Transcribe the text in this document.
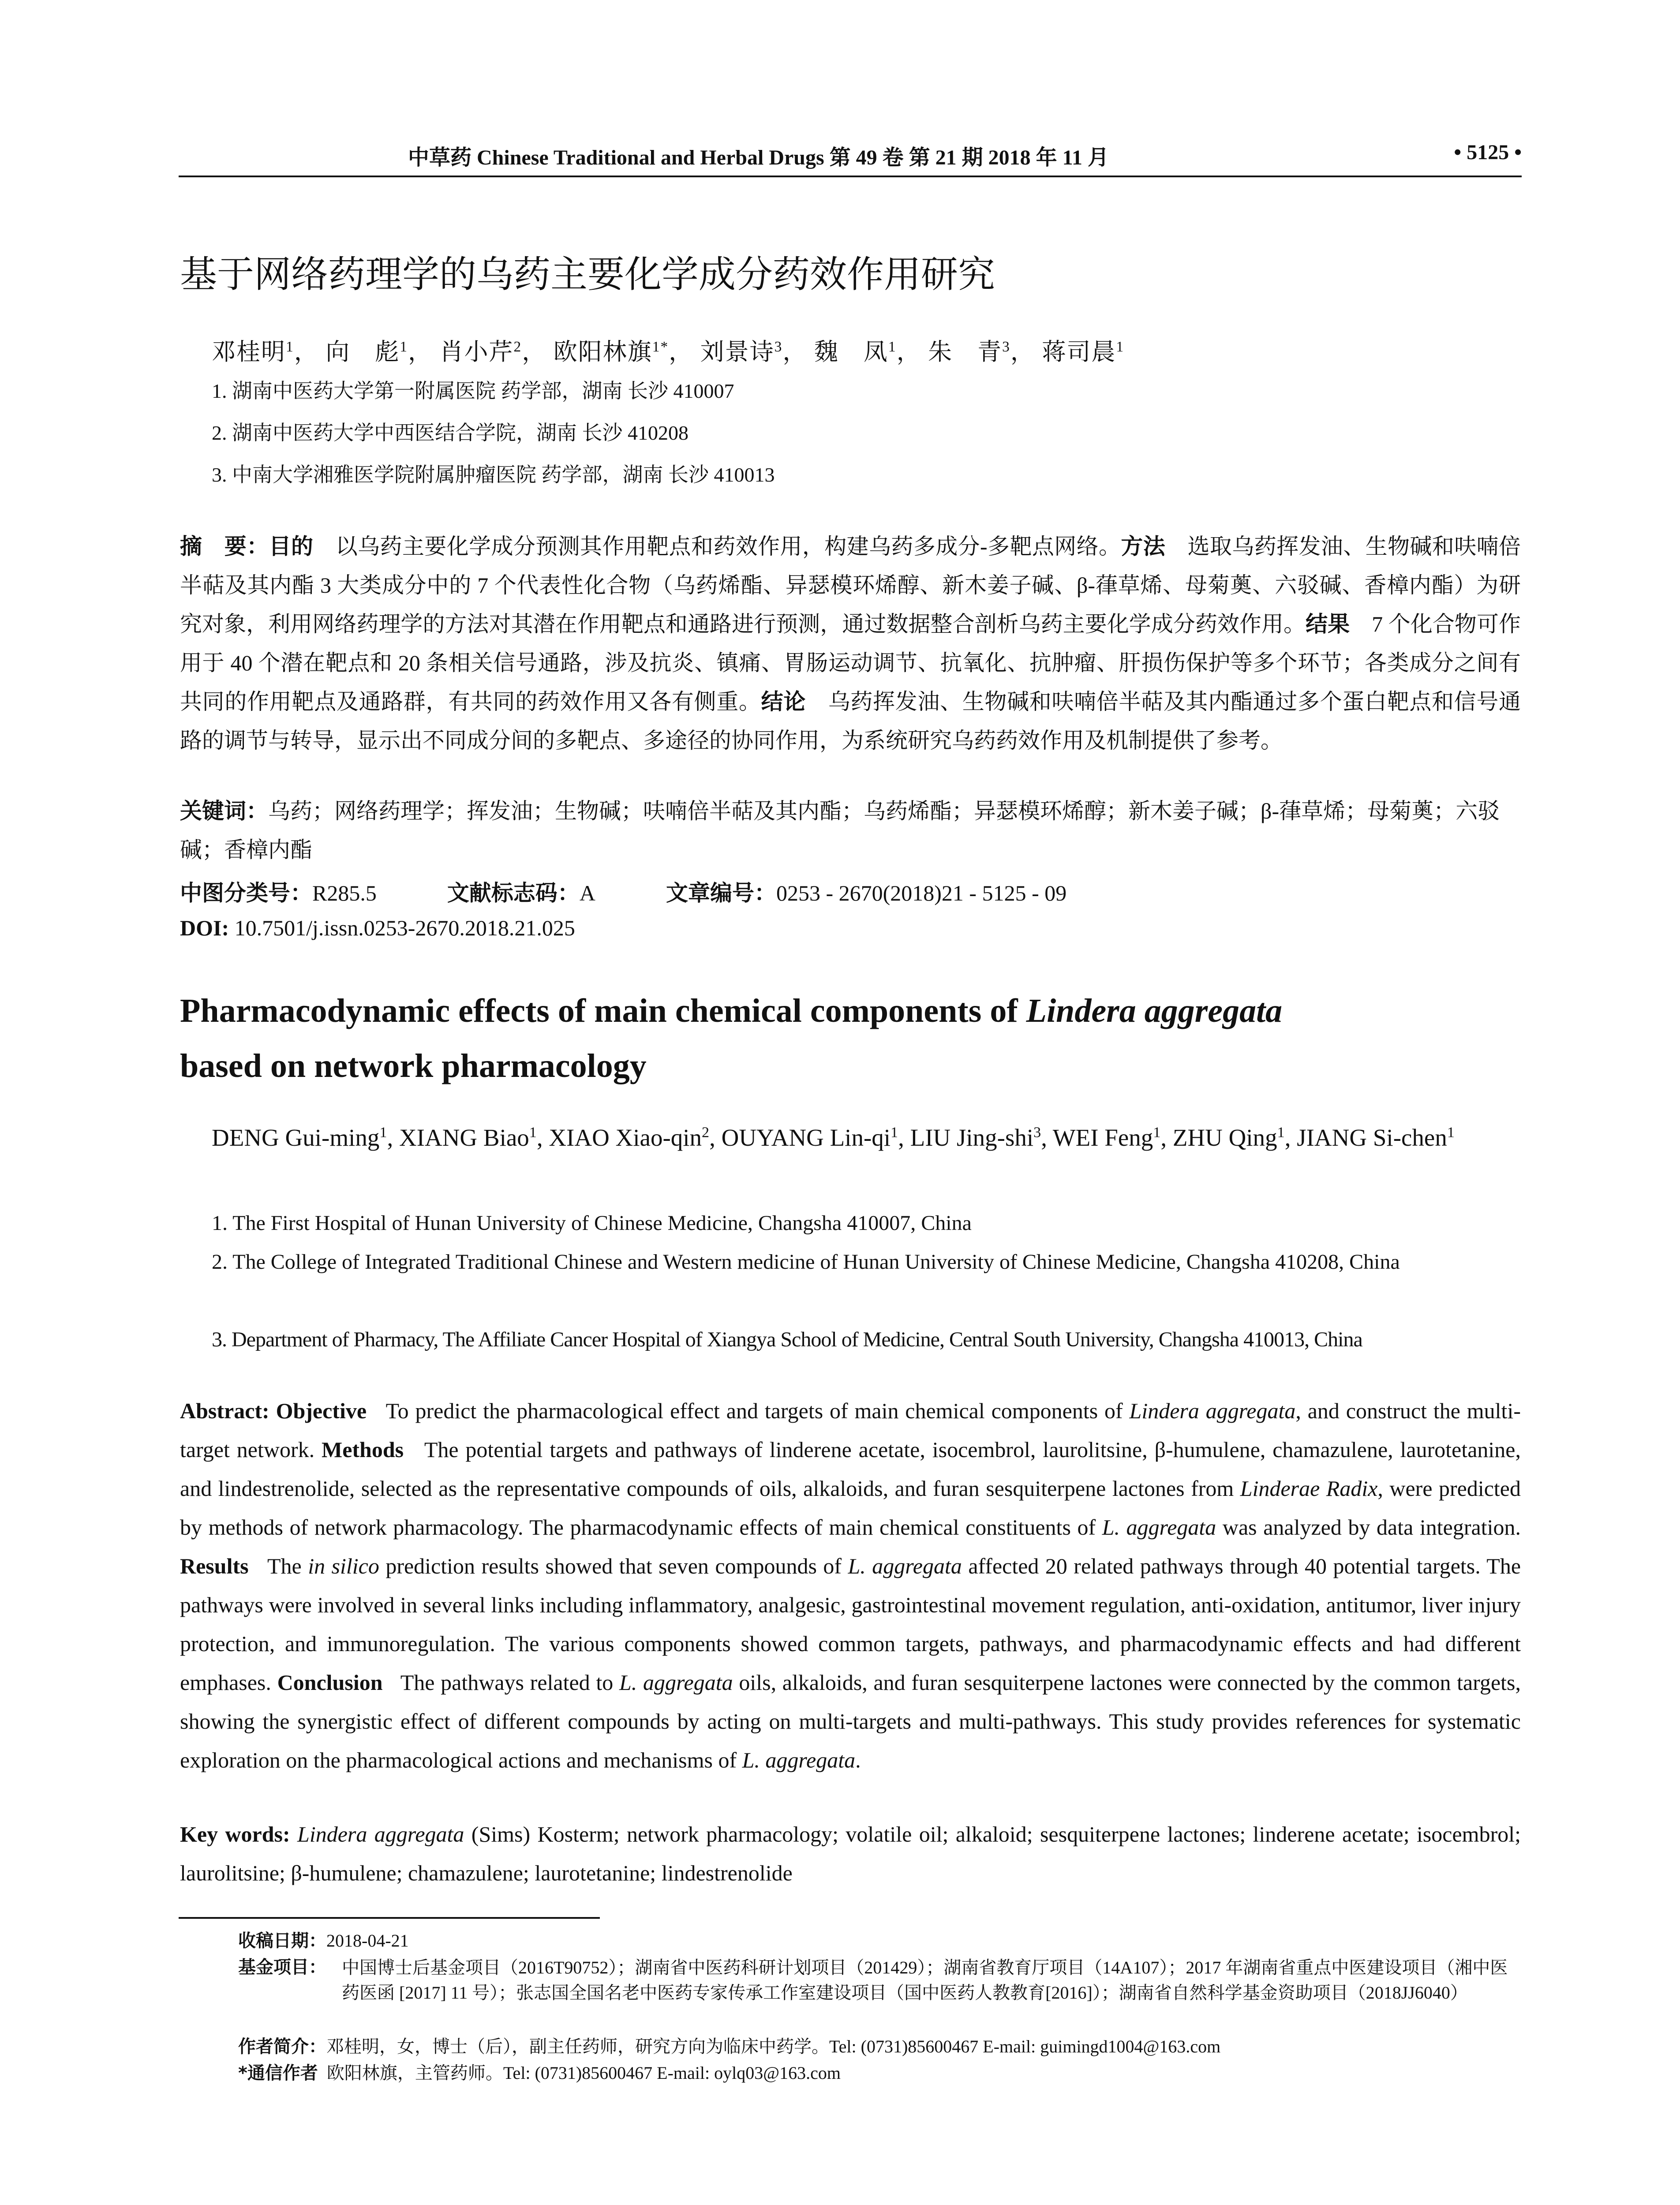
中草药 Chinese Traditional and Herbal Drugs 第 49 卷 第 21 期 2018 年 11 月	• 5125 •
基于网络药理学的乌药主要化学成分药效作用研究
邓桂明$^1$， 向　彪$^1$， 肖小芹$^2$， 欧阳林旗$^{1*}$， 刘景诗$^3$， 魏　凤$^1$， 朱　青$^3$， 蒋司晨$^1$
1. 湖南中医药大学第一附属医院 药学部，湖南 长沙 410007
2. 湖南中医药大学中西医结合学院，湖南 长沙 410208
3. 中南大学湘雅医学院附属肿瘤医院 药学部，湖南 长沙 410013

摘　要：目的　 以乌药主要化学成分预测其作用靶点和药效作用，构建乌药多成分-多靶点网络。方法　 选取乌药挥发油、生物碱和呋喃倍半萜及其内酯 3 大类成分中的 7 个代表性化合物（乌药烯酯、异瑟模环烯醇、新木姜子碱、β-葎草烯、母菊薁、六驳碱、香樟内酯）为研究对象，利用网络药理学的方法对其潜在作用靶点和通路进行预测，通过数据整合剖析乌药主要化学成分药效作用。结果　 7 个化合物可作用于 40 个潜在靶点和 20 条相关信号通路，涉及抗炎、镇痛、胃肠运动调节、抗氧化、抗肿瘤、肝损伤保护等多个环节；各类成分之间有共同的作用靶点及通路群，有共同的药效作用又各有侧重。结论　 乌药挥发油、生物碱和呋喃倍半萜及其内酯通过多个蛋白靶点和信号通路的调节与转导，显示出不同成分间的多靶点、多途径的协同作用，为系统研究乌药药效作用及机制提供了参考。

关键词：乌药；网络药理学；挥发油；生物碱；呋喃倍半萜及其内酯；乌药烯酯；异瑟模环烯醇；新木姜子碱；β-葎草烯；母菊薁；六驳碱；香樟内酯
中图分类号：R285.5	文献标志码：A	文章编号：0253 - 2670(2018)21 - 5125 - 09
DOI: 10.7501/j.issn.0253-2670.2018.21.025
Pharmacodynamic effects of main chemical components of Lindera aggregata
based on network pharmacology
DENG Gui-ming$^1$, XIANG Biao$^1$, XIAO Xiao-qin$^2$, OUYANG Lin-$qi^1$, LIU Jing-shi$^3$, WEI Feng$^1$, ZHU Qing$^1$, JIANG Si-chen$^1$
1. The First Hospital of Hunan University of Chinese Medicine, Changsha 410007, China
2. The College of Integrated Traditional Chinese and Western medicine of Hunan University of Chinese Medicine, Changsha 410208, China
3. Department of Pharmacy, The Affiliate Cancer Hospital of Xiangya School of Medicine, Central South University, Changsha 410013, China

Abstract: Objective To predict the pharmacological effect and targets of main chemical components of Lindera aggregata, and construct the multi-target network. Methods The potential targets and pathways of linderene acetate, isocembrol, laurolitsine, β-humulene, chamazulene, laurotetanine, and lindestrenolide, selected as the representative compounds of oils, alkaloids, and furan sesquiterpene lactones from Linderae Radix, were predicted by methods of network pharmacology. The pharmacodynamic effects of main chemical constituents of L. aggregata was analyzed by data integration. Results The in silico prediction results showed that seven compounds of L. aggregata affected 20 related pathways through 40 potential targets. The pathways were involved in several links including inflammatory, analgesic, gastrointestinal movement regulation, anti-oxidation, antitumor, liver injury protection, and immunoregulation. The various components showed common targets, pathways, and pharmacodynamic effects and had different emphases. Conclusion The pathways related to L. aggregata oils, alkaloids, and furan sesquiterpene lactones were connected by the common targets, showing the synergistic effect of different compounds by acting on multi-targets and multi-pathways. This study provides references for systematic exploration on the pharmacological actions and mechanisms of L. aggregata.

Key words: Lindera aggregata (Sims) Kosterm; network pharmacology; volatile oil; alkaloid; sesquiterpene lactones; linderene acetate; isocembrol; laurolitsine; β-humulene; chamazulene; laurotetanine; lindestrenolide
收稿日期：2018-04-21
基金项目： 中国博士后基金项目（2016T90752）；湖南省中医药科研计划项目（201429）；湖南省教育厅项目（14A107）；2017 年湖南省重点中医建设项目（湘中医药医函 [2017] 11 号）；张志国全国名老中医药专家传承工作室建设项目（国中医药人教教育[2016]）；湖南省自然科学基金资助项目（2018JJ6040）
作者简介：邓桂明，女，博士（后），副主任药师，研究方向为临床中药学。Tel: (0731)85600467 E-mail: guimingd1004@163.com
*通信作者 欧阳林旗，主管药师。Tel: (0731)85600467 E-mail: oylq03@163.com
